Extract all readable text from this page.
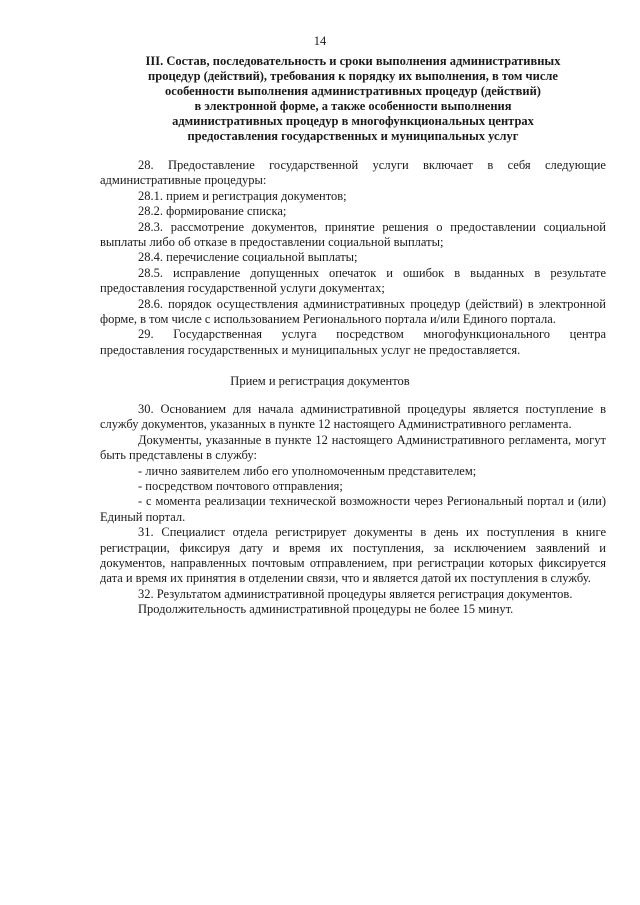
14
III. Состав, последовательность и сроки выполнения административных
процедур (действий), требования к порядку их выполнения, в том числе
особенности выполнения административных процедур (действий)
в электронной форме, а также особенности выполнения
административных процедур в многофункциональных центрах
предоставления государственных и муниципальных услуг

28. Предоставление государственной услуги включает в себя следующие административные процедуры:

28.1. прием и регистрация документов;

28.2. формирование списка;

28.3. рассмотрение документов, принятие решения о предоставлении социальной выплаты либо об отказе в предоставлении социальной выплаты;

28.4. перечисление социальной выплаты;

28.5. исправление допущенных опечаток и ошибок в выданных в результате предоставления государственной услуги документах;

28.6. порядок осуществления административных процедур (действий) в электронной форме, в том числе с использованием Регионального портала и/или Единого портала.

29. Государственная услуга посредством многофункционального центра предоставления государственных и муниципальных услуг не предоставляется.

Прием и регистрация документов

30. Основанием для начала административной процедуры является поступление в службу документов, указанных в пункте 12 настоящего Административного регламента.

Документы, указанные в пункте 12 настоящего Административного регламента, могут быть представлены в службу:

- лично заявителем либо его уполномоченным представителем;

- посредством почтового отправления;

- с момента реализации технической возможности через Региональный портал и (или) Единый портал.

31. Специалист отдела регистрирует документы в день их поступления в книге регистрации, фиксируя дату и время их поступления, за исключением заявлений и документов, направленных почтовым отправлением, при регистрации которых фиксируется дата и время их принятия в отделении связи, что и является датой их поступления в службу.

32. Результатом административной процедуры является регистрация документов.

Продолжительность административной процедуры не более 15 минут.
